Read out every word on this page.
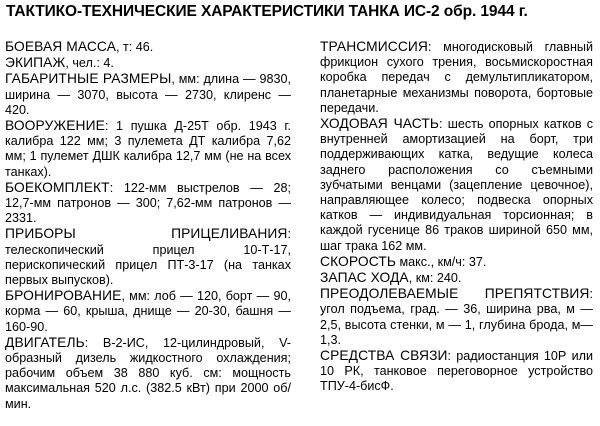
ТАКТИКО-ТЕХНИЧЕСКИЕ ХАРАКТЕРИСТИКИ ТАНКА ИС-2 обр. 1944 г.

БОЕВАЯ МАССА, т: 46.

ЭКИПАЖ, чел.: 4.

ГАБАРИТНЫЕ РАЗМЕРЫ, мм: длина — 9830, ширина — 3070, высота — 2730, клиренс — 420.

ВООРУЖЕНИЕ: 1 пушка Д-25Т обр. 1943 г. калибра 122 мм; 3 пулемета ДТ калибра 7,62 мм; 1 пулемет ДШК калибра 12,7 мм (не на всех танках).

БОЕКОМПЛЕКТ: 122-мм выстрелов — 28; 12,7-мм патронов — 300; 7,62-мм патронов — 2331.

ПРИБОРЫ ПРИЦЕЛИВАНИЯ: телескопический прицел 10-Т-17, перископический прицел ПТ-3-17 (на танках первых выпусков).

БРОНИРОВАНИЕ, мм: лоб — 120, борт — 90, корма — 60, крыша, днище — 20-30, башня — 160-90.

ДВИГАТЕЛЬ: В-2-ИС, 12-цилиндровый, V-образный дизель жидкостного охлаждения; рабочим объем 38 880 куб. см: мощность максимальная 520 л.с. (382.5 кВт) при 2000 об/мин.

ТРАНСМИССИЯ: многодисковый главный фрикцион сухого трения, восьмискоростная коробка передач с демультипликатором, планетарные механизмы поворота, бортовые передачи.

ХОДОВАЯ ЧАСТЬ: шесть опорных катков с внутренней амортизацией на борт, три поддерживающих катка, ведущие колеса заднего расположения со съемными зубчатыми венцами (зацепление цевочное), направляющее колесо; подвеска опорных катков — индивидуальная торсионная; в каждой гусенице 86 траков шириной 650 мм, шаг трака 162 мм.

СКОРОСТЬ макс., км/ч: 37.

ЗАПАС ХОДА, км: 240.

ПРЕОДОЛЕВАЕМЫЕ ПРЕПЯТСТВИЯ: угол подъема, град. — 36, ширина рва, м — 2,5, высота стенки, м — 1, глубина брода, м— 1,3.

СРЕДСТВА СВЯЗИ: радиостанция 10Р или 10 РК, танковое переговорное устройство ТПУ-4-бисФ.
